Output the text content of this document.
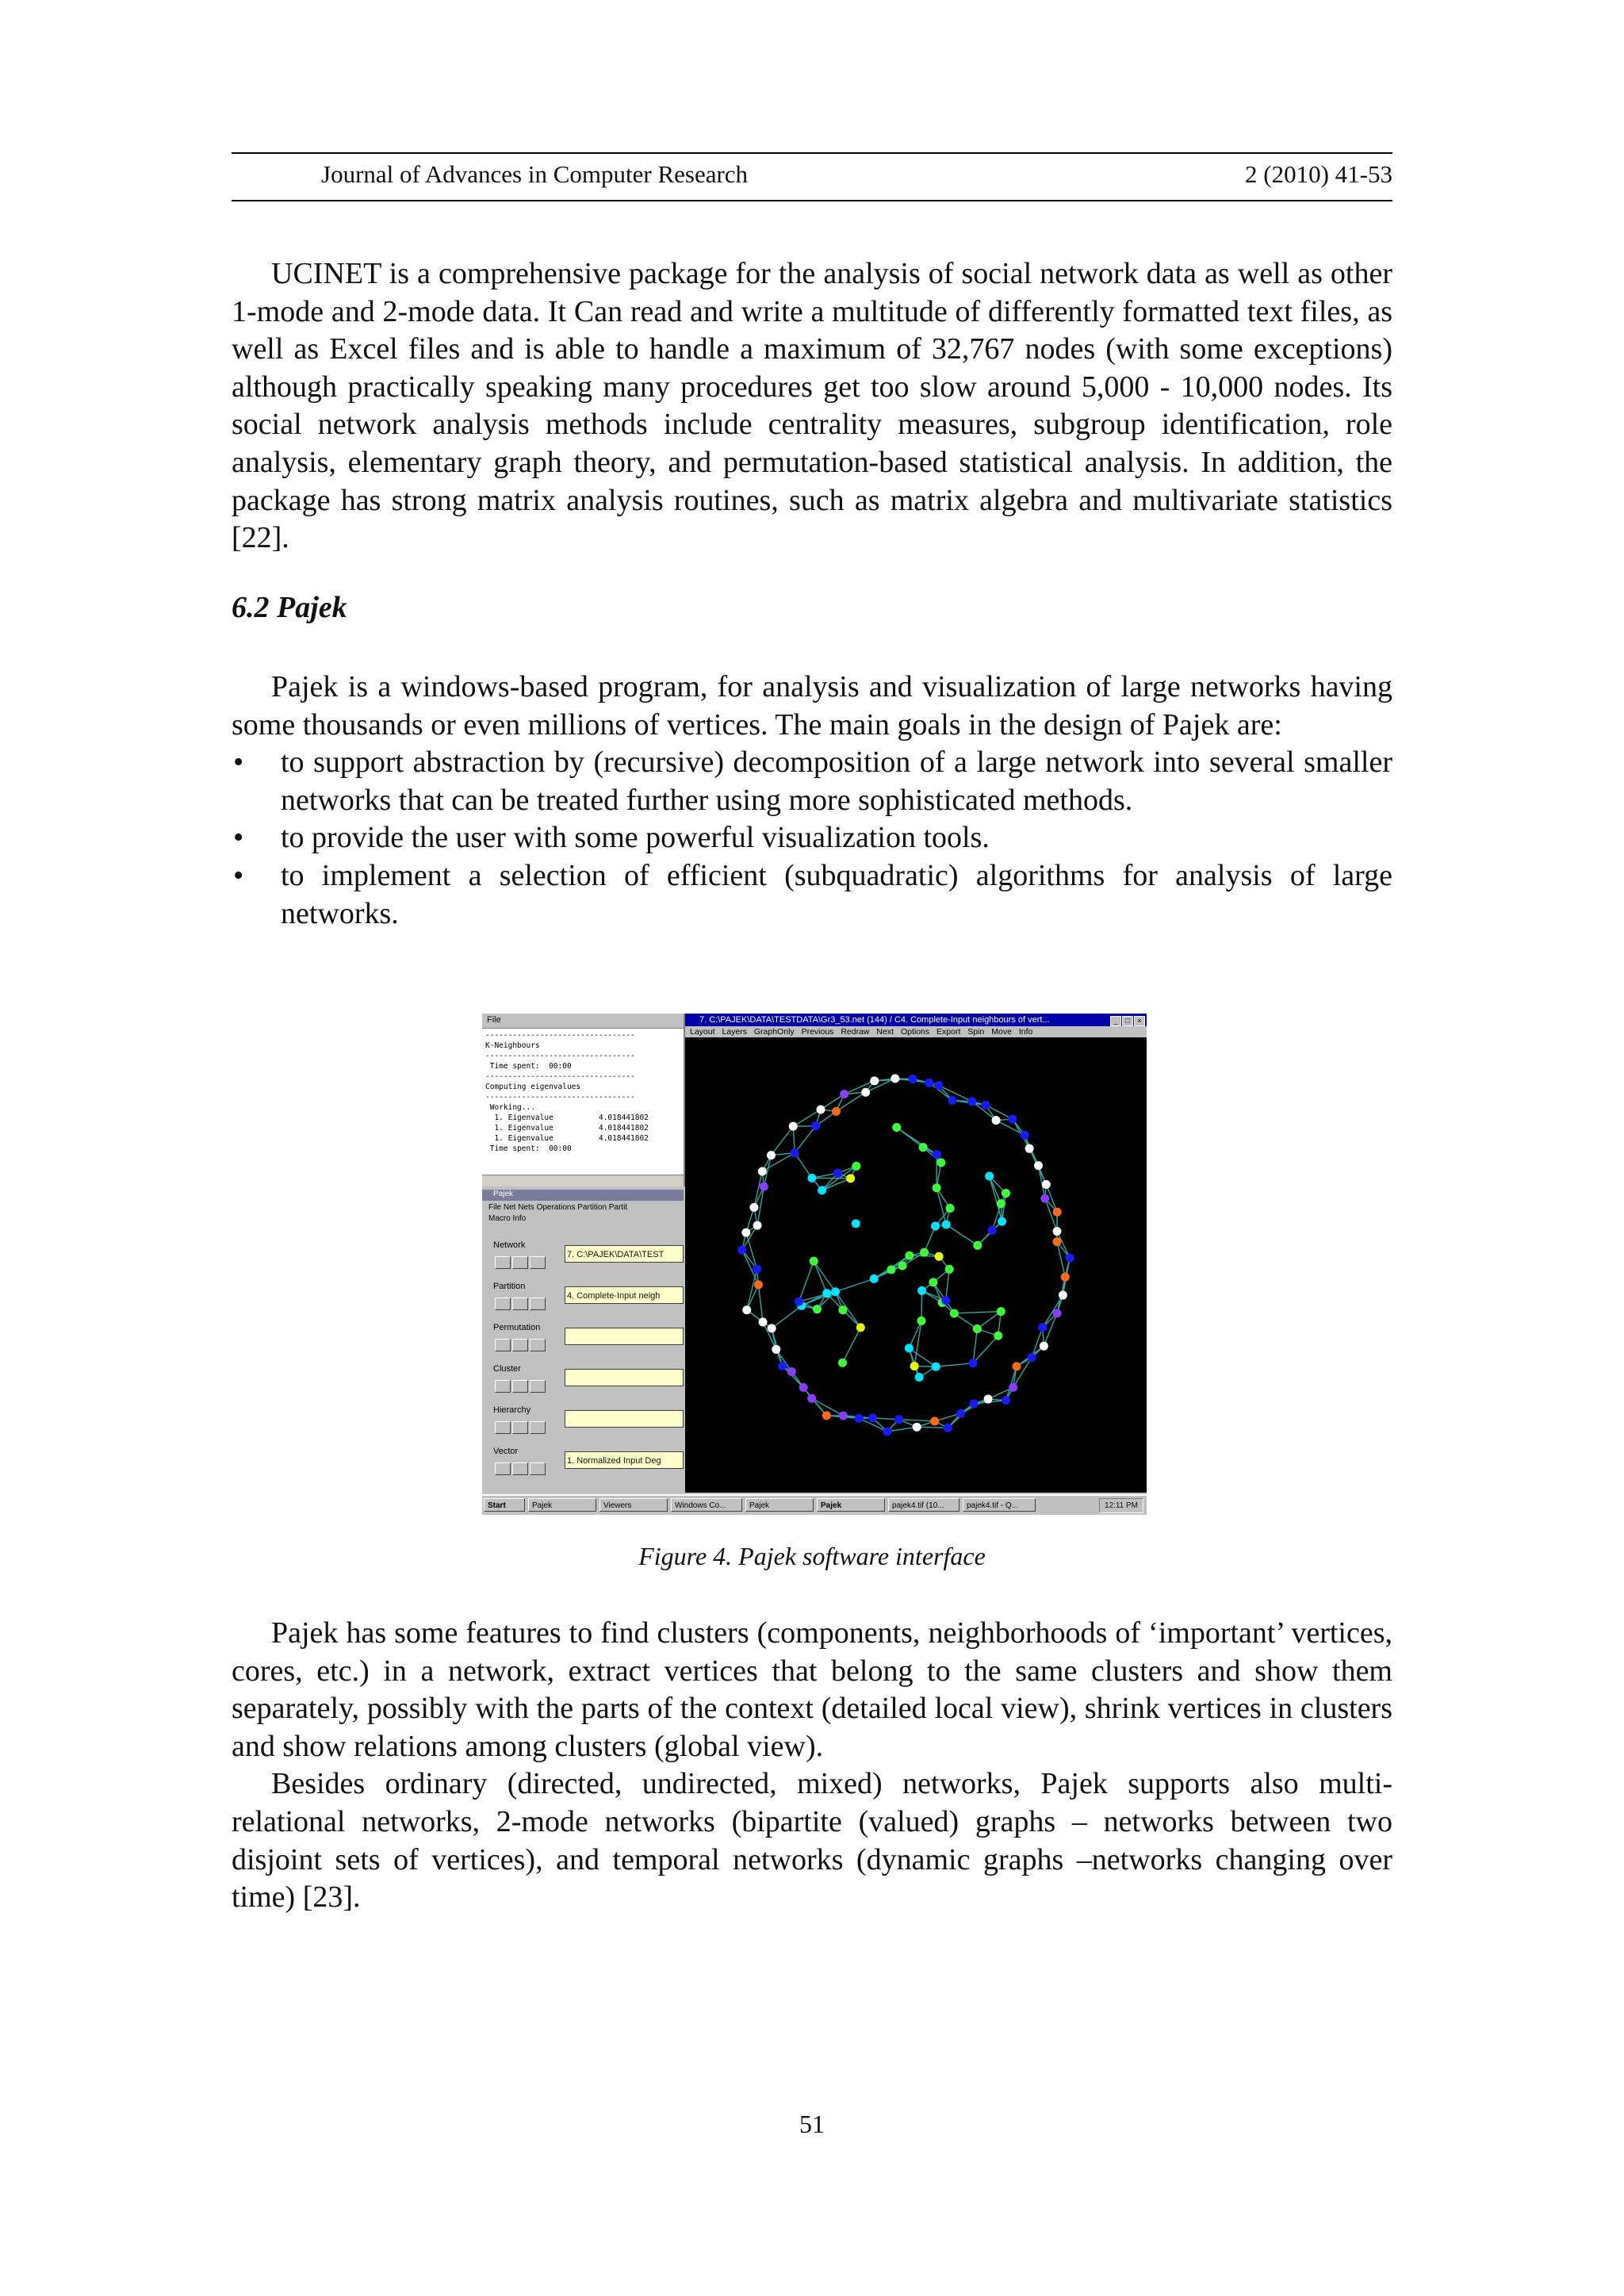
Journal of Advances in Computer Research	2 (2010) 41-53

UCINET is a comprehensive package for the analysis of social network data as well as other 1-mode and 2-mode data. It Can read and write a multitude of differently formatted text files, as well as Excel files and is able to handle a maximum of 32,767 nodes (with some exceptions) although practically speaking many procedures get too slow around 5,000 - 10,000 nodes. Its social network analysis methods include centrality measures, subgroup identification, role analysis, elementary graph theory, and permutation-based statistical analysis. In addition, the package has strong matrix analysis routines, such as matrix algebra and multivariate statistics [22].

6.2 Pajek

Pajek is a windows-based program, for analysis and visualization of large networks having some thousands or even millions of vertices. The main goals in the design of Pajek are:

• to support abstraction by (recursive) decomposition of a large network into several smaller networks that can be treated further using more sophisticated methods.
• to provide the user with some powerful visualization tools.
• to implement a selection of efficient (subquadratic) algorithms for analysis of large networks.
File
---------------------------------
K-Neighbours
---------------------------------
Time spent:  00:00
---------------------------------
Computing eigenvalues
---------------------------------
Working...
1. Eigenvalue          4.018441802
1. Eigenvalue          4.018441802
1. Eigenvalue          4.018441802
Time spent:  00:00
Pajek
File Net Nets Operations Partition Partit
Macro Info
Network
7. C:\PAJEK\DATA\TEST
Partition
4. Complete-Input neigh
Permutation
Cluster
Hierarchy
Vector
1. Normalized Input Deg
7. C:\PAJEK\DATA\TESTDATA\Gr3_53.net (144) / C4. Complete-Input neighbours of vert...	_ □ ×
Layout Layers GraphOnly Previous Redraw Next Options Export Spin Move Info
Start	Pajek	Viewers	Windows Co...	Pajek	Pajek	pajek4.tif (10...	pajek4.tif - Q...	12:11 PM
Figure 4. Pajek software interface

Pajek has some features to find clusters (components, neighborhoods of ‘important’ vertices, cores, etc.) in a network, extract vertices that belong to the same clusters and show them separately, possibly with the parts of the context (detailed local view), shrink vertices in clusters and show relations among clusters (global view).

Besides ordinary (directed, undirected, mixed) networks, Pajek supports also multi-relational networks, 2-mode networks (bipartite (valued) graphs – networks between two disjoint sets of vertices), and temporal networks (dynamic graphs –networks changing over time) [23].

51
